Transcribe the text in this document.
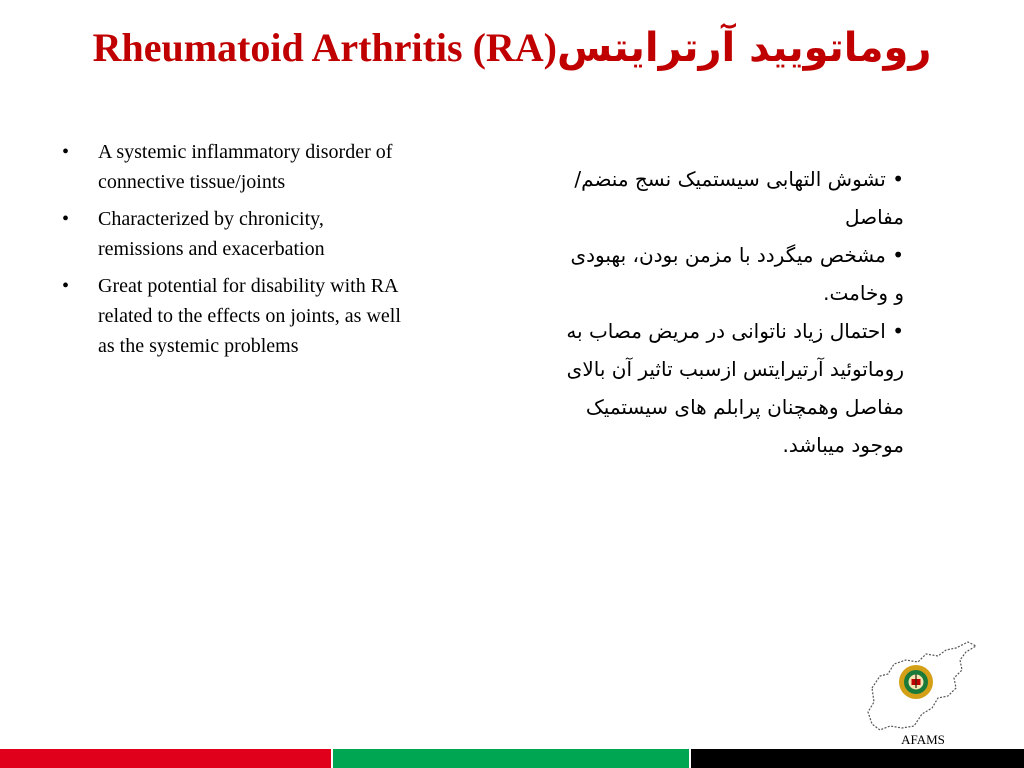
Rheumatoid Arthritis (RA)روماتویید آرترایتس
• A systemic inflammatory disorder of connective tissue/joints
• Characterized by chronicity, remissions and exacerbation
• Great potential for disability with RA related to the effects on joints, as well as the systemic problems

• تشوش التهابی سیستمیک نسج منضم/ مفاصل

• مشخص میگردد با مزمن بودن، بهبودی و وخامت.

• احتمال زیاد ناتوانی در مریض مصاب به روماتوئید آرتیرایتس ازسبب تاثیر آن بالای مفاصل وهمچنان پرابلم های سیستمیک موجود میباشد.

AFAMS
